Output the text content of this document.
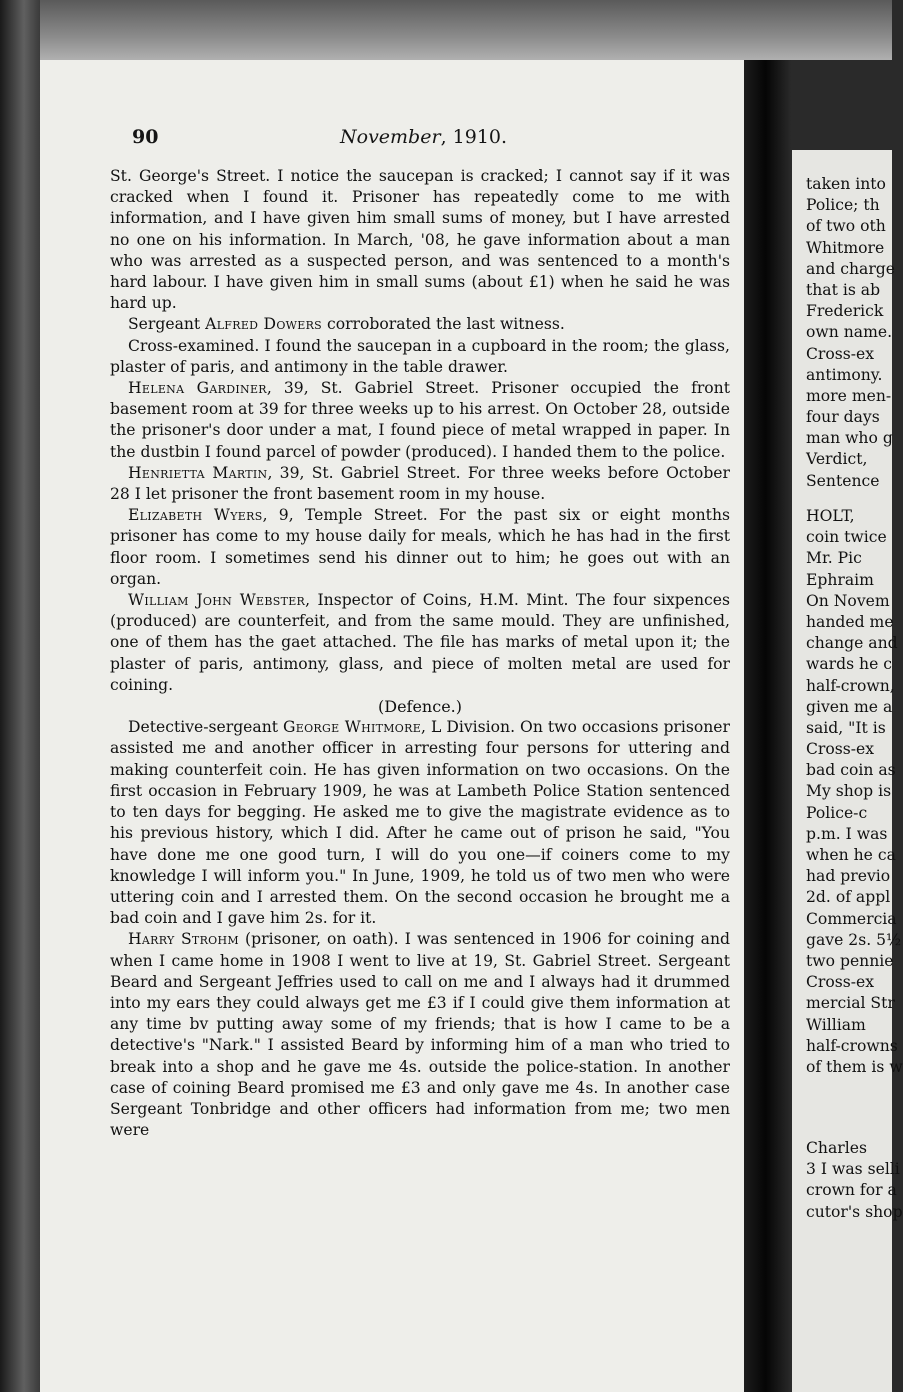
90	November, 1910.

St. George's Street. I notice the saucepan is cracked; I cannot say if it was cracked when I found it. Prisoner has repeatedly come to me with information, and I have given him small sums of money, but I have arrested no one on his information. In March, '08, he gave information about a man who was arrested as a suspected person, and was sentenced to a month's hard labour. I have given him in small sums (about £1) when he said he was hard up.

Sergeant Alfred Dowers corroborated the last witness.

Cross-examined. I found the saucepan in a cupboard in the room; the glass, plaster of paris, and antimony in the table drawer.

Helena Gardiner, 39, St. Gabriel Street. Prisoner occupied the front basement room at 39 for three weeks up to his arrest. On October 28, outside the prisoner's door under a mat, I found piece of metal wrapped in paper. In the dustbin I found parcel of powder (produced). I handed them to the police.

Henrietta Martin, 39, St. Gabriel Street. For three weeks before October 28 I let prisoner the front basement room in my house.

Elizabeth Wyers, 9, Temple Street. For the past six or eight months prisoner has come to my house daily for meals, which he has had in the first floor room. I sometimes send his dinner out to him; he goes out with an organ.

William John Webster, Inspector of Coins, H.M. Mint. The four sixpences (produced) are counterfeit, and from the same mould. They are unfinished, one of them has the gaet attached. The file has marks of metal upon it; the plaster of paris, antimony, glass, and piece of molten metal are used for coining.

(Defence.)

Detective-sergeant George Whitmore, L Division. On two occasions prisoner assisted me and another officer in arresting four persons for uttering and making counterfeit coin. He has given information on two occasions. On the first occasion in February 1909, he was at Lambeth Police Station sentenced to ten days for begging. He asked me to give the magistrate evidence as to his previous history, which I did. After he came out of prison he said, "You have done me one good turn, I will do you one—if coiners come to my knowledge I will inform you." In June, 1909, he told us of two men who were uttering coin and I arrested them. On the second occasion he brought me a bad coin and I gave him 2s. for it.

Harry Strohm (prisoner, on oath). I was sentenced in 1906 for coining and when I came home in 1908 I went to live at 19, St. Gabriel Street. Sergeant Beard and Sergeant Jeffries used to call on me and I always had it drummed into my ears they could always get me £3 if I could give them information at any time bv putting away some of my friends; that is how I came to be a detective's "Nark." I assisted Beard by informing him of a man who tried to break into a shop and he gave me 4s. outside the police-station. In another case of coining Beard promised me £3 and only gave me 4s. In another case Sergeant Tonbridge and other officers had information from me; two men were

taken into
Police; th
of two oth
Whitmore
and charge
that is ab
Frederick
own name.
Cross-ex
antimony.
more men-
four days
man who g
Verdict,
Sentence
HOLT,
coin twice
Mr. Pic
Ephraim
On Novem
handed me
change and
wards he c
half-crown,
given me a
said, "It is
Cross-ex
bad coin as
My shop is
Police-c
p.m. I was
when he ca
had previo
2d. of appl
Commercia
gave 2s. 5½
two pennie
Cross-ex
mercial Str
William
half-crowns
of them is w
Charles
3 I was selli
crown for a
cutor's shop
